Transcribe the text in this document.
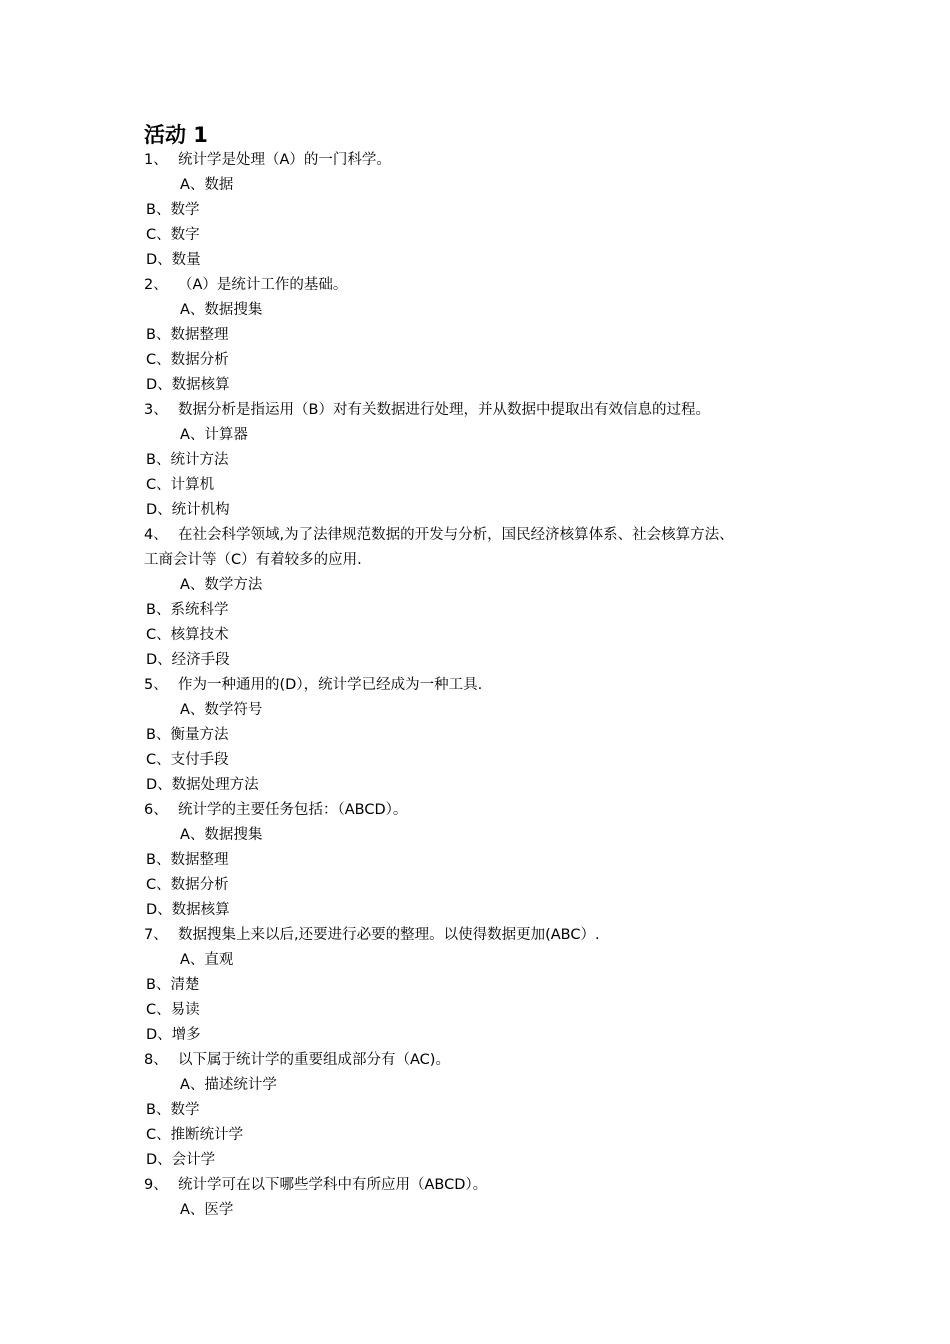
活动 1
1、 统计学是处理（A）的一门科学。
A、数据
B、数学
C、数字
D、数量
2、 （A）是统计工作的基础。
A、数据搜集
B、数据整理
C、数据分析
D、数据核算
3、 数据分析是指运用（B）对有关数据进行处理，并从数据中提取出有效信息的过程。
A、计算器
B、统计方法
C、计算机
D、统计机构
4、 在社会科学领域,为了法律规范数据的开发与分析，国民经济核算体系、社会核算方法、
工商会计等（C）有着较多的应用.
A、数学方法
B、系统科学
C、核算技术
D、经济手段
5、 作为一种通用的(D），统计学已经成为一种工具.
A、数学符号
B、衡量方法
C、支付手段
D、数据处理方法
6、 统计学的主要任务包括：（ABCD）。
A、数据搜集
B、数据整理
C、数据分析
D、数据核算
7、 数据搜集上来以后,还要进行必要的整理。以使得数据更加(ABC）.
A、直观
B、清楚
C、易读
D、增多
8、 以下属于统计学的重要组成部分有（AC)。
A、描述统计学
B、数学
C、推断统计学
D、会计学
9、 统计学可在以下哪些学科中有所应用（ABCD）。
A、医学
